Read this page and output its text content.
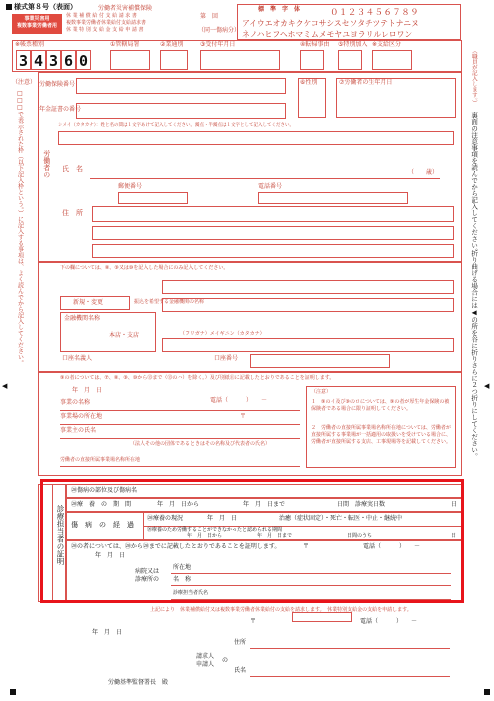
◀	◀
様式第８号（表面）
事業災害用
複数事業労働者用
労働者災害補償保険
休 業 補 償 給 付 支 給 請 求 書
複数事業労働者休業給付支給請求書
休 業 特 別 支 給 金 支 給 申 請 書
第　回
（同一傷病分）
標　準　字　体	０１２３４５６７８９
アイウエオカキクケコサシスセソタチツテトナニヌ
ネノハヒフヘホマミムメモヤユヨラリルレロワン
※帳票種別
3 4 3 6 0
①管轄局署	②業通別	③受付年月日	④転帰事由 ⑤特別加入 ※支給区分
（職員が記入します。）
裏面の注意事項を読んでから記入してください。
折り曲げる場合には◀の所を谷に折りさらに２つ折りにしてください。
（注意）
□□□で表示された枠（以下記入枠という。）に記入する事項は、よく読んでから記入してください。
労働保険番号
年金証書の番号
⑥性別	⑦労働者の生年月日
シメイ（カタカナ）：姓と名の間は１文字あけて記入してください。濁点・半濁点は１文字として記入してください。
労働者の 氏　名	（　　歳）
郵便番号	電話番号
住　所
下の欄については、⑧、⑨又は⑩を記入した場合にのみ記入してください。
新規・変更	振込を希望する金融機関の名称
金融機関名称
本店・支店
口座名義人
（フリガナ）メイギニン（カタカナ）
口座番号
⑨の者については、⑦、⑧、⑨、⑩から⑬まで（⑬のハ）を除く。）及び別紙⑪に記載したとおりであることを証明します。
年　月　日
事業の名称	電話（　　　）　　－
事業場の所在地	〒
事業主の氏名
（法人その他の団体であるときはその名称及び代表者の氏名）
労働者の直接所属事業場名称所在地
（注意）
１　⑨のイ及び⑨のロについては、⑨の者が厚生年金保険の被保険者である場合に限り証明してください。
２　労働者の直接所属事業場名称所在地については、労働者が直接所属する事業場が一括適用の取扱いを受けている場合に、労働者が直接所属する支店、工事現場等を記載してください。
診療担当者の証明
⑳傷病の部位及び傷病名
⑳療　養　の　期　間	年　月　日から	年　月　日まで	日間　診療実日数	日
傷　病　の　経　過
⑳療養の現況	年　月　日	治癒（症状固定）・死亡・転医・中止・継続中
⑳療養のため労働することができなかったと認められる期間
年　月　日から	年　月　日まで	日間のうち	日
⑳の者については、⑳から⑳までに記載したとおりであることを証明します。	〒	電話（　　　）　　－
年　月　日
病院又は
診療所の
所在地
名　称
診療担当者氏名
上記により　休業補償給付又は複数事業労働者休業給付の支給を請求します。　休業特別支給金の支給を申請します。
〒	電話（　　　）　　－
年　月　日
住所
請求人
申請人
の
氏名
労働基準監督署長　殿
